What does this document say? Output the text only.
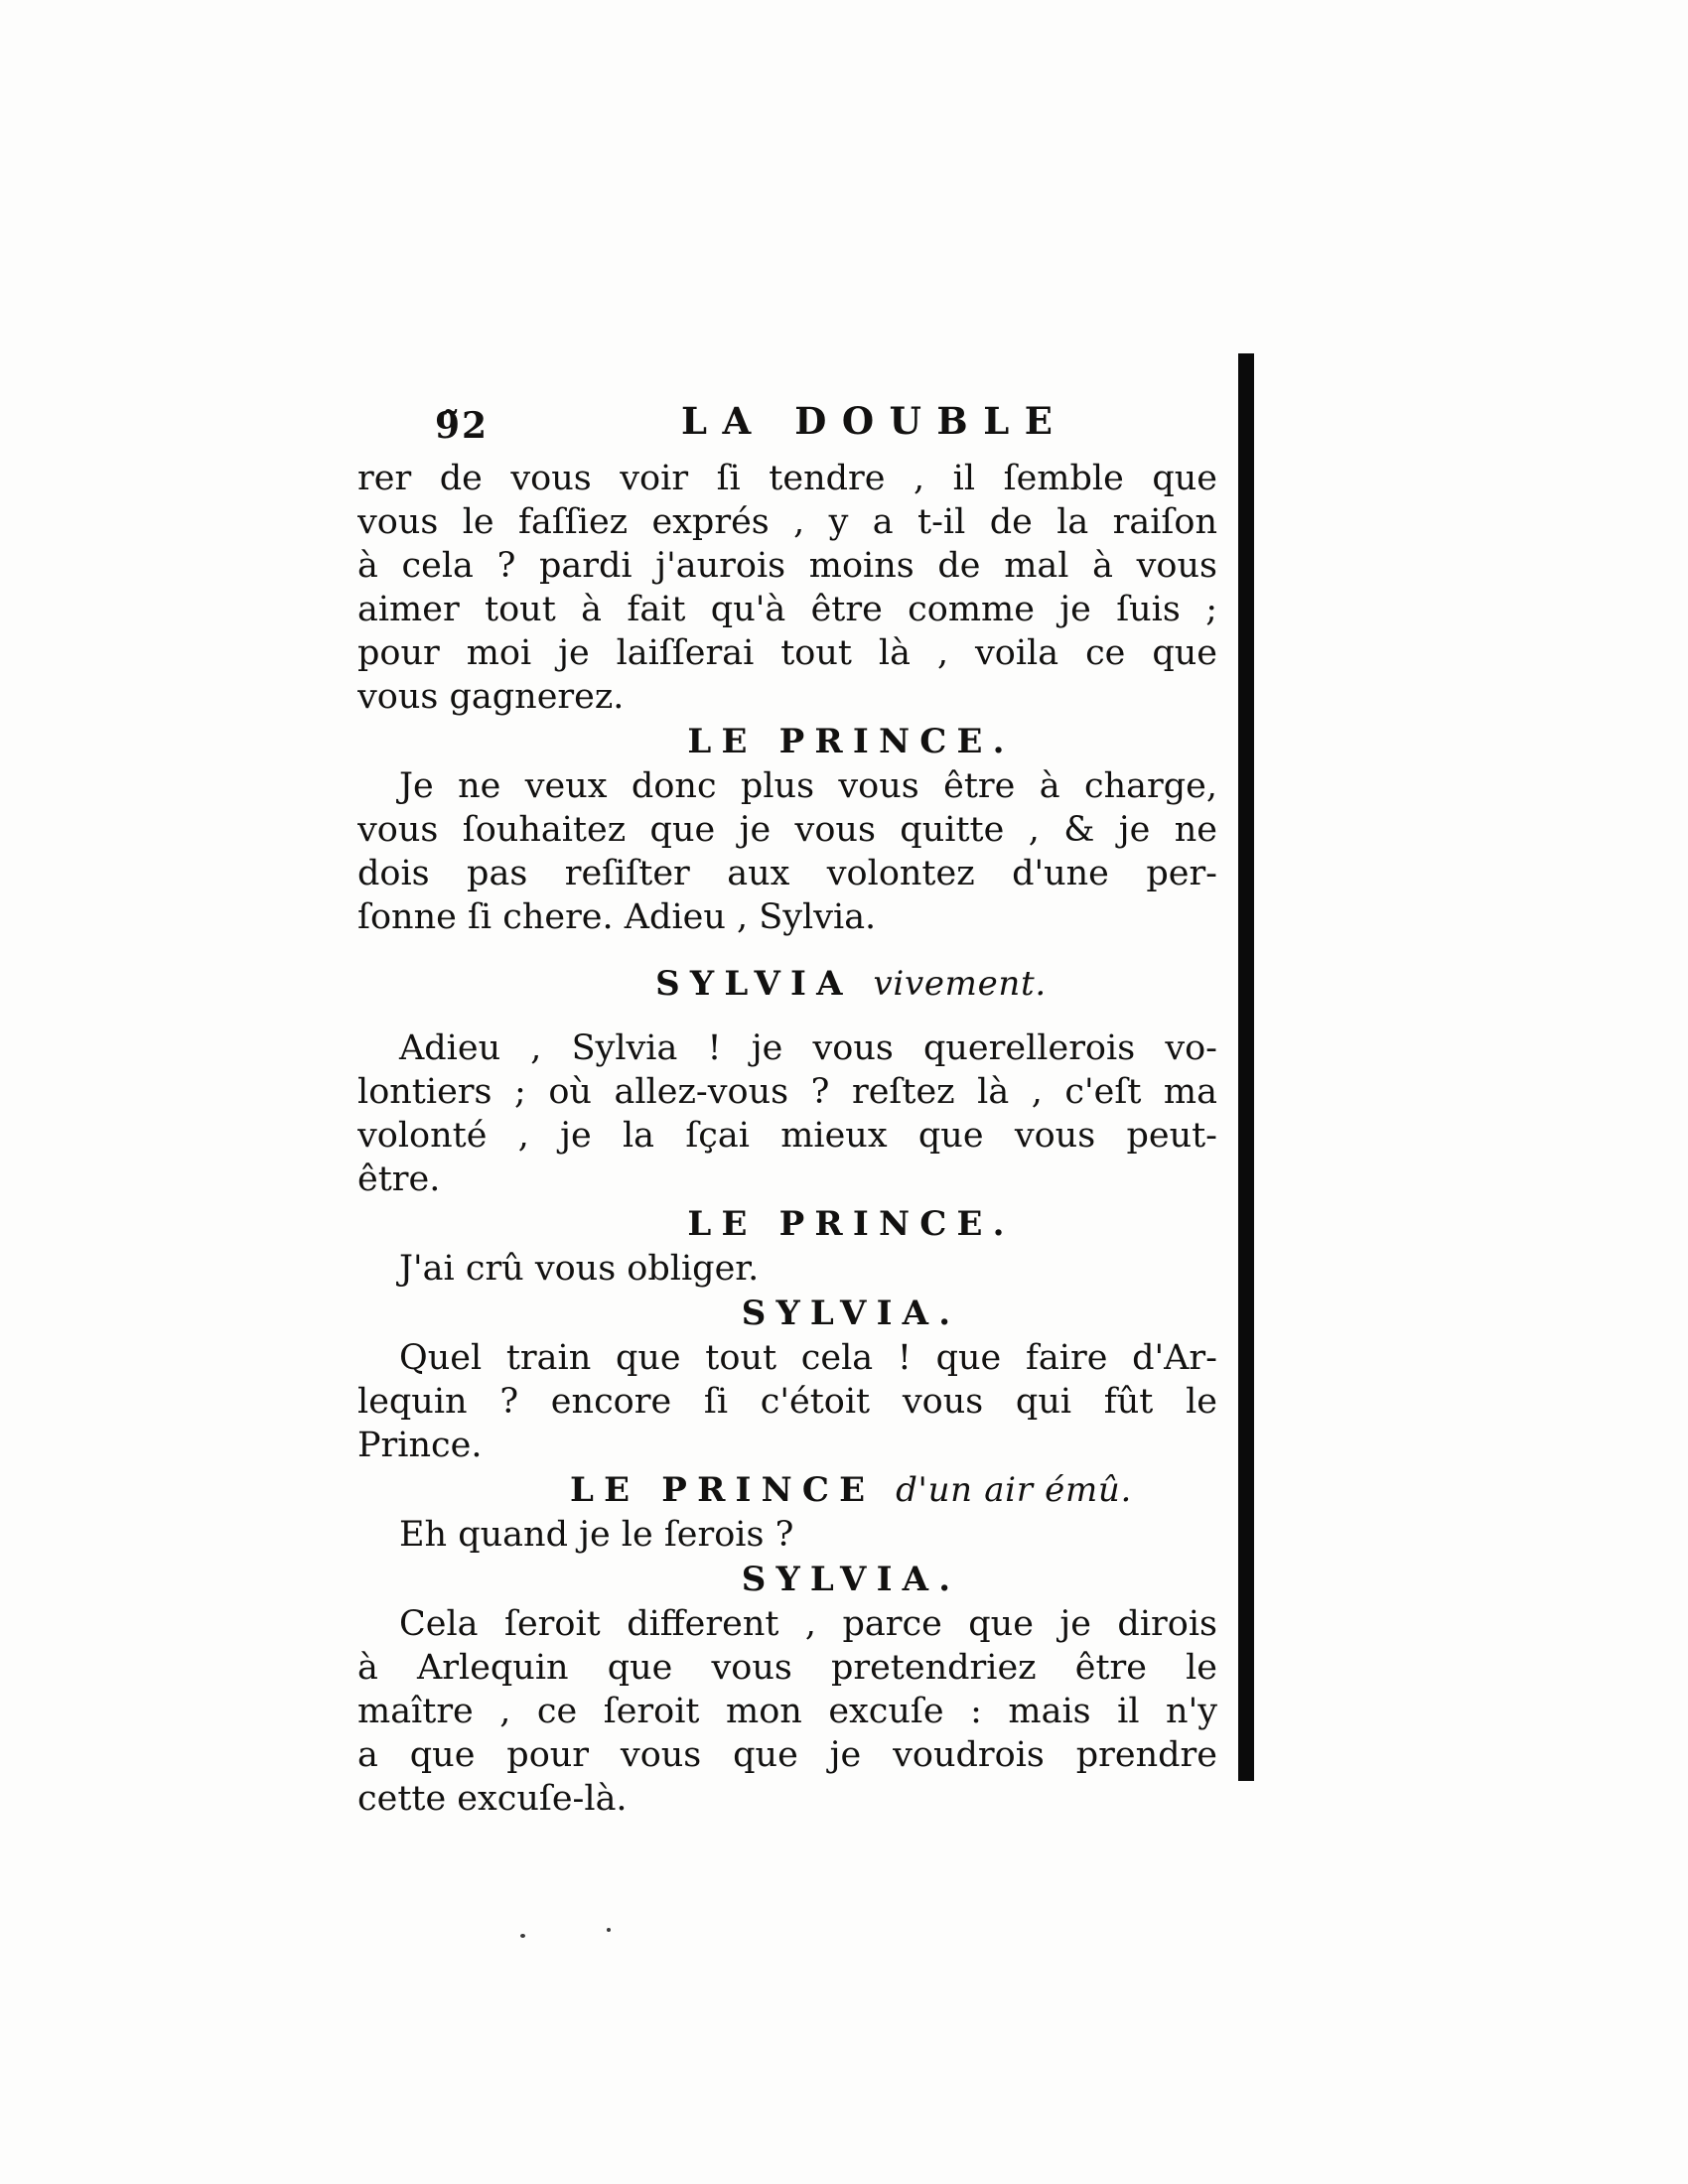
9̃2	LA DOUBLE
rer de vous voir ſi tendre , il ſemble que
vous le faſſiez exprés , y a t-il de la raiſon
à cela ? pardi j'aurois moins de mal à vous
aimer tout à fait qu'à être comme je ſuis ;
pour moi je laiſſerai tout là , voila ce que
vous gagnerez.
LE PRINCE.
Je ne veux donc plus vous être à charge,
vous ſouhaitez que je vous quitte , & je ne
dois pas reſiſter aux volontez d'une per-
ſonne ſi chere. Adieu , Sylvia.
SYLVIA vivement.
Adieu , Sylvia ! je vous querellerois vo-
lontiers ; où allez-vous ? reſtez là , c'eſt ma
volonté , je la ſçai mieux que vous peut-
être.
LE PRINCE.
J'ai crû vous obliger.
SYLVIA.
Quel train que tout cela ! que faire d'Ar-
lequin ? encore ſi c'étoit vous qui fût le
Prince.
LE PRINCE d'un air émû.
Eh quand je le ſerois ?
SYLVIA.
Cela ſeroit different , parce que je dirois
à Arlequin que vous pretendriez être le
maître , ce ſeroit mon excuſe : mais il n'y
a que pour vous que je voudrois prendre
cette excuſe-là.
